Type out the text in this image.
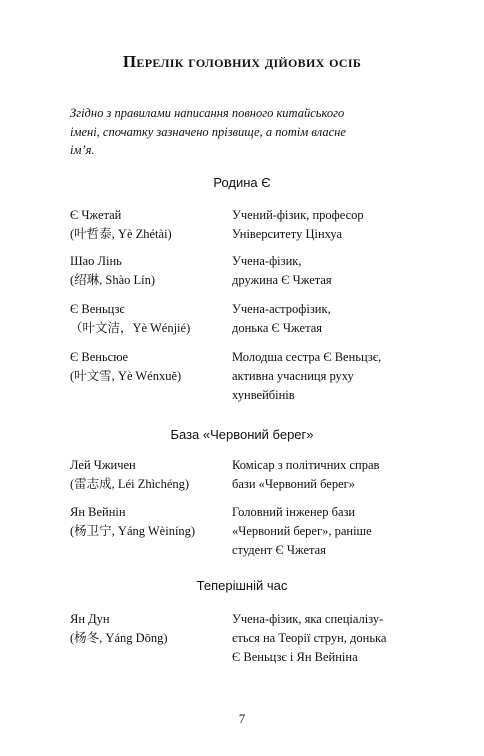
Перелік головних дійових осіб
Згідно з правилами написання повного китайського
імені, спочатку зазначено прізвище, а потім власне
ім’я.
Родина Є
Є Чжетай
(叶哲泰, Yè Zhétài)
Учений-фізик, професор
Університету Цінхуа
Шао Лінь
(绍琳, Shào Lín)
Учена-фізик,
дружина Є Чжетая
Є Веньцзє
（叶文洁，Yè Wénjié)
Учена-астрофізик,
донька Є Чжетая
Є Веньсюе
(叶文雪, Yè Wénxuě)
Молодша сестра Є Веньцзє,
активна учасниця руху
хунвейбінів
База «Червоний берег»
Лей Чжичен
(雷志成, Léi Zhìchéng)
Комісар з політичних справ
бази «Червоний берег»
Ян Вейнін
(杨卫宁, Yáng Wèiníng)
Головний інженер бази
«Червоний берег», раніше
студент Є Чжетая
Теперішній час
Ян Дун
(杨冬, Yáng Dōng)
Учена-фізик, яка спеціалізу-
ється на Теорії струн, донька
Є Веньцзє і Ян Вейніна
7
